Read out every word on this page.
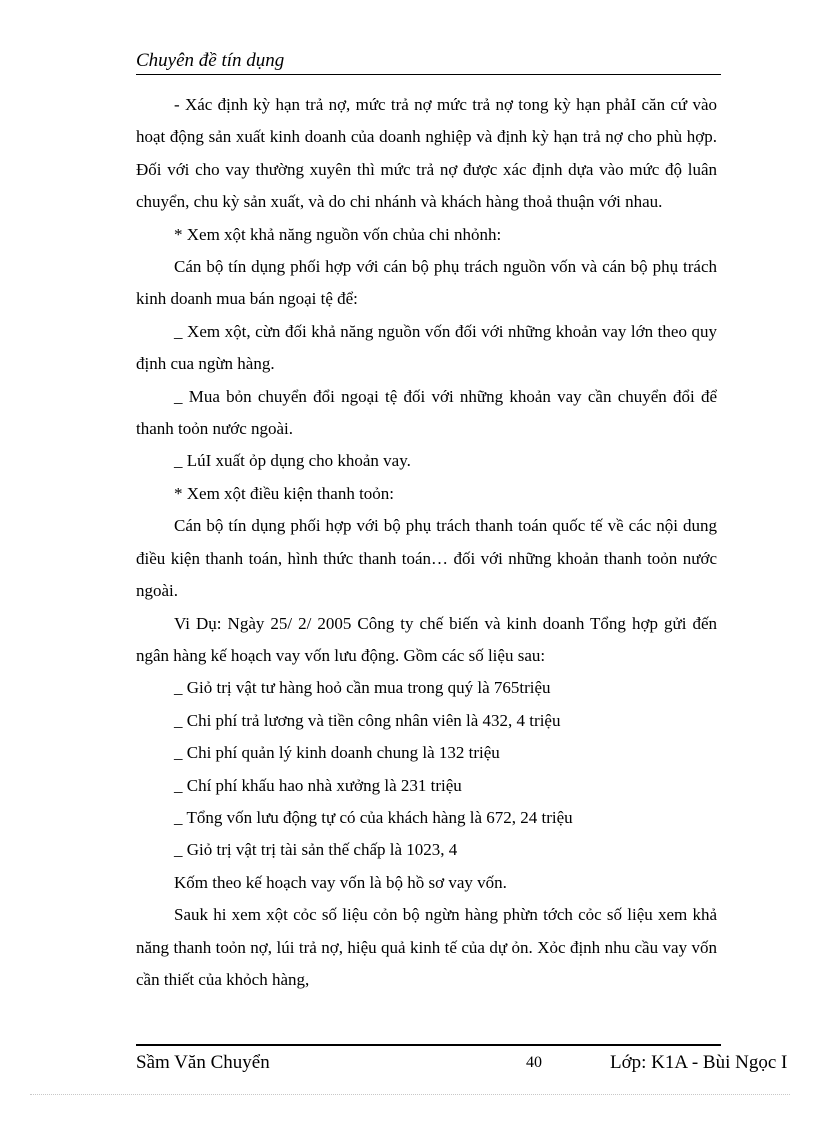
Chuyên đề tín dụng

- Xác định kỳ hạn trả nợ, mức trả nợ mức trả nợ tong kỳ hạn phảI căn cứ vào hoạt động sản xuất kinh doanh của doanh nghiệp và định kỳ hạn trả nợ cho phù hợp. Đối với cho vay thường xuyên thì mức trả nợ được xác định dựa vào mức độ luân chuyển, chu kỳ sản xuất, và do chi nhánh và khách hàng thoả thuận với nhau.

* Xem xột khả năng nguồn vốn chủa chi nhỏnh:

Cán bộ tín dụng phối hợp với cán bộ phụ trách nguồn vốn và cán bộ phụ trách kinh doanh mua bán ngoại tệ để:

_ Xem xột, cừn đối khả năng nguồn vốn đối với những khoản vay lớn theo quy định cua ngừn hàng.

_ Mua bỏn chuyển đổi ngoại tệ đối với những khoản vay cần chuyển đổi để thanh toỏn nước ngoài.

_ LúI xuất ỏp dụng cho khoản vay.

* Xem xột điều kiện thanh toỏn:

Cán bộ tín dụng phối hợp với bộ phụ trách thanh toán quốc tế về các nội dung điều kiện thanh toán, hình thức thanh toán… đối với những khoản thanh toỏn nước ngoài.

Vi Dụ: Ngày 25/ 2/ 2005 Công ty chế biến và kinh doanh Tổng hợp gửi đến ngân hàng kế hoạch vay vốn lưu động. Gồm các số liệu sau:

_ Giỏ trị vật tư hàng hoỏ cần mua trong quý là 765triệu

_ Chi phí trả lương và tiền công nhân viên là 432, 4 triệu

_ Chi phí quản lý kinh doanh chung là 132 triệu

_ Chí phí khấu hao nhà xưởng là 231 triệu

_ Tổng vốn lưu động tự có của khách hàng là 672, 24 triệu

_ Giỏ trị vật trị tài sản thế chấp là 1023, 4

Kốm theo kế hoạch vay vốn là bộ hồ sơ vay vốn.

Sauk hi xem xột cỏc số liệu cỏn bộ ngừn hàng phừn tớch cỏc số liệu xem khả năng thanh toỏn nợ, lúi trả nợ, hiệu quả kinh tế của dự ỏn. Xỏc định nhu cầu vay vốn cần thiết của khỏch hàng,

Sầm Văn Chuyển	40	Lớp: K1A - Bùi Ngọc I
